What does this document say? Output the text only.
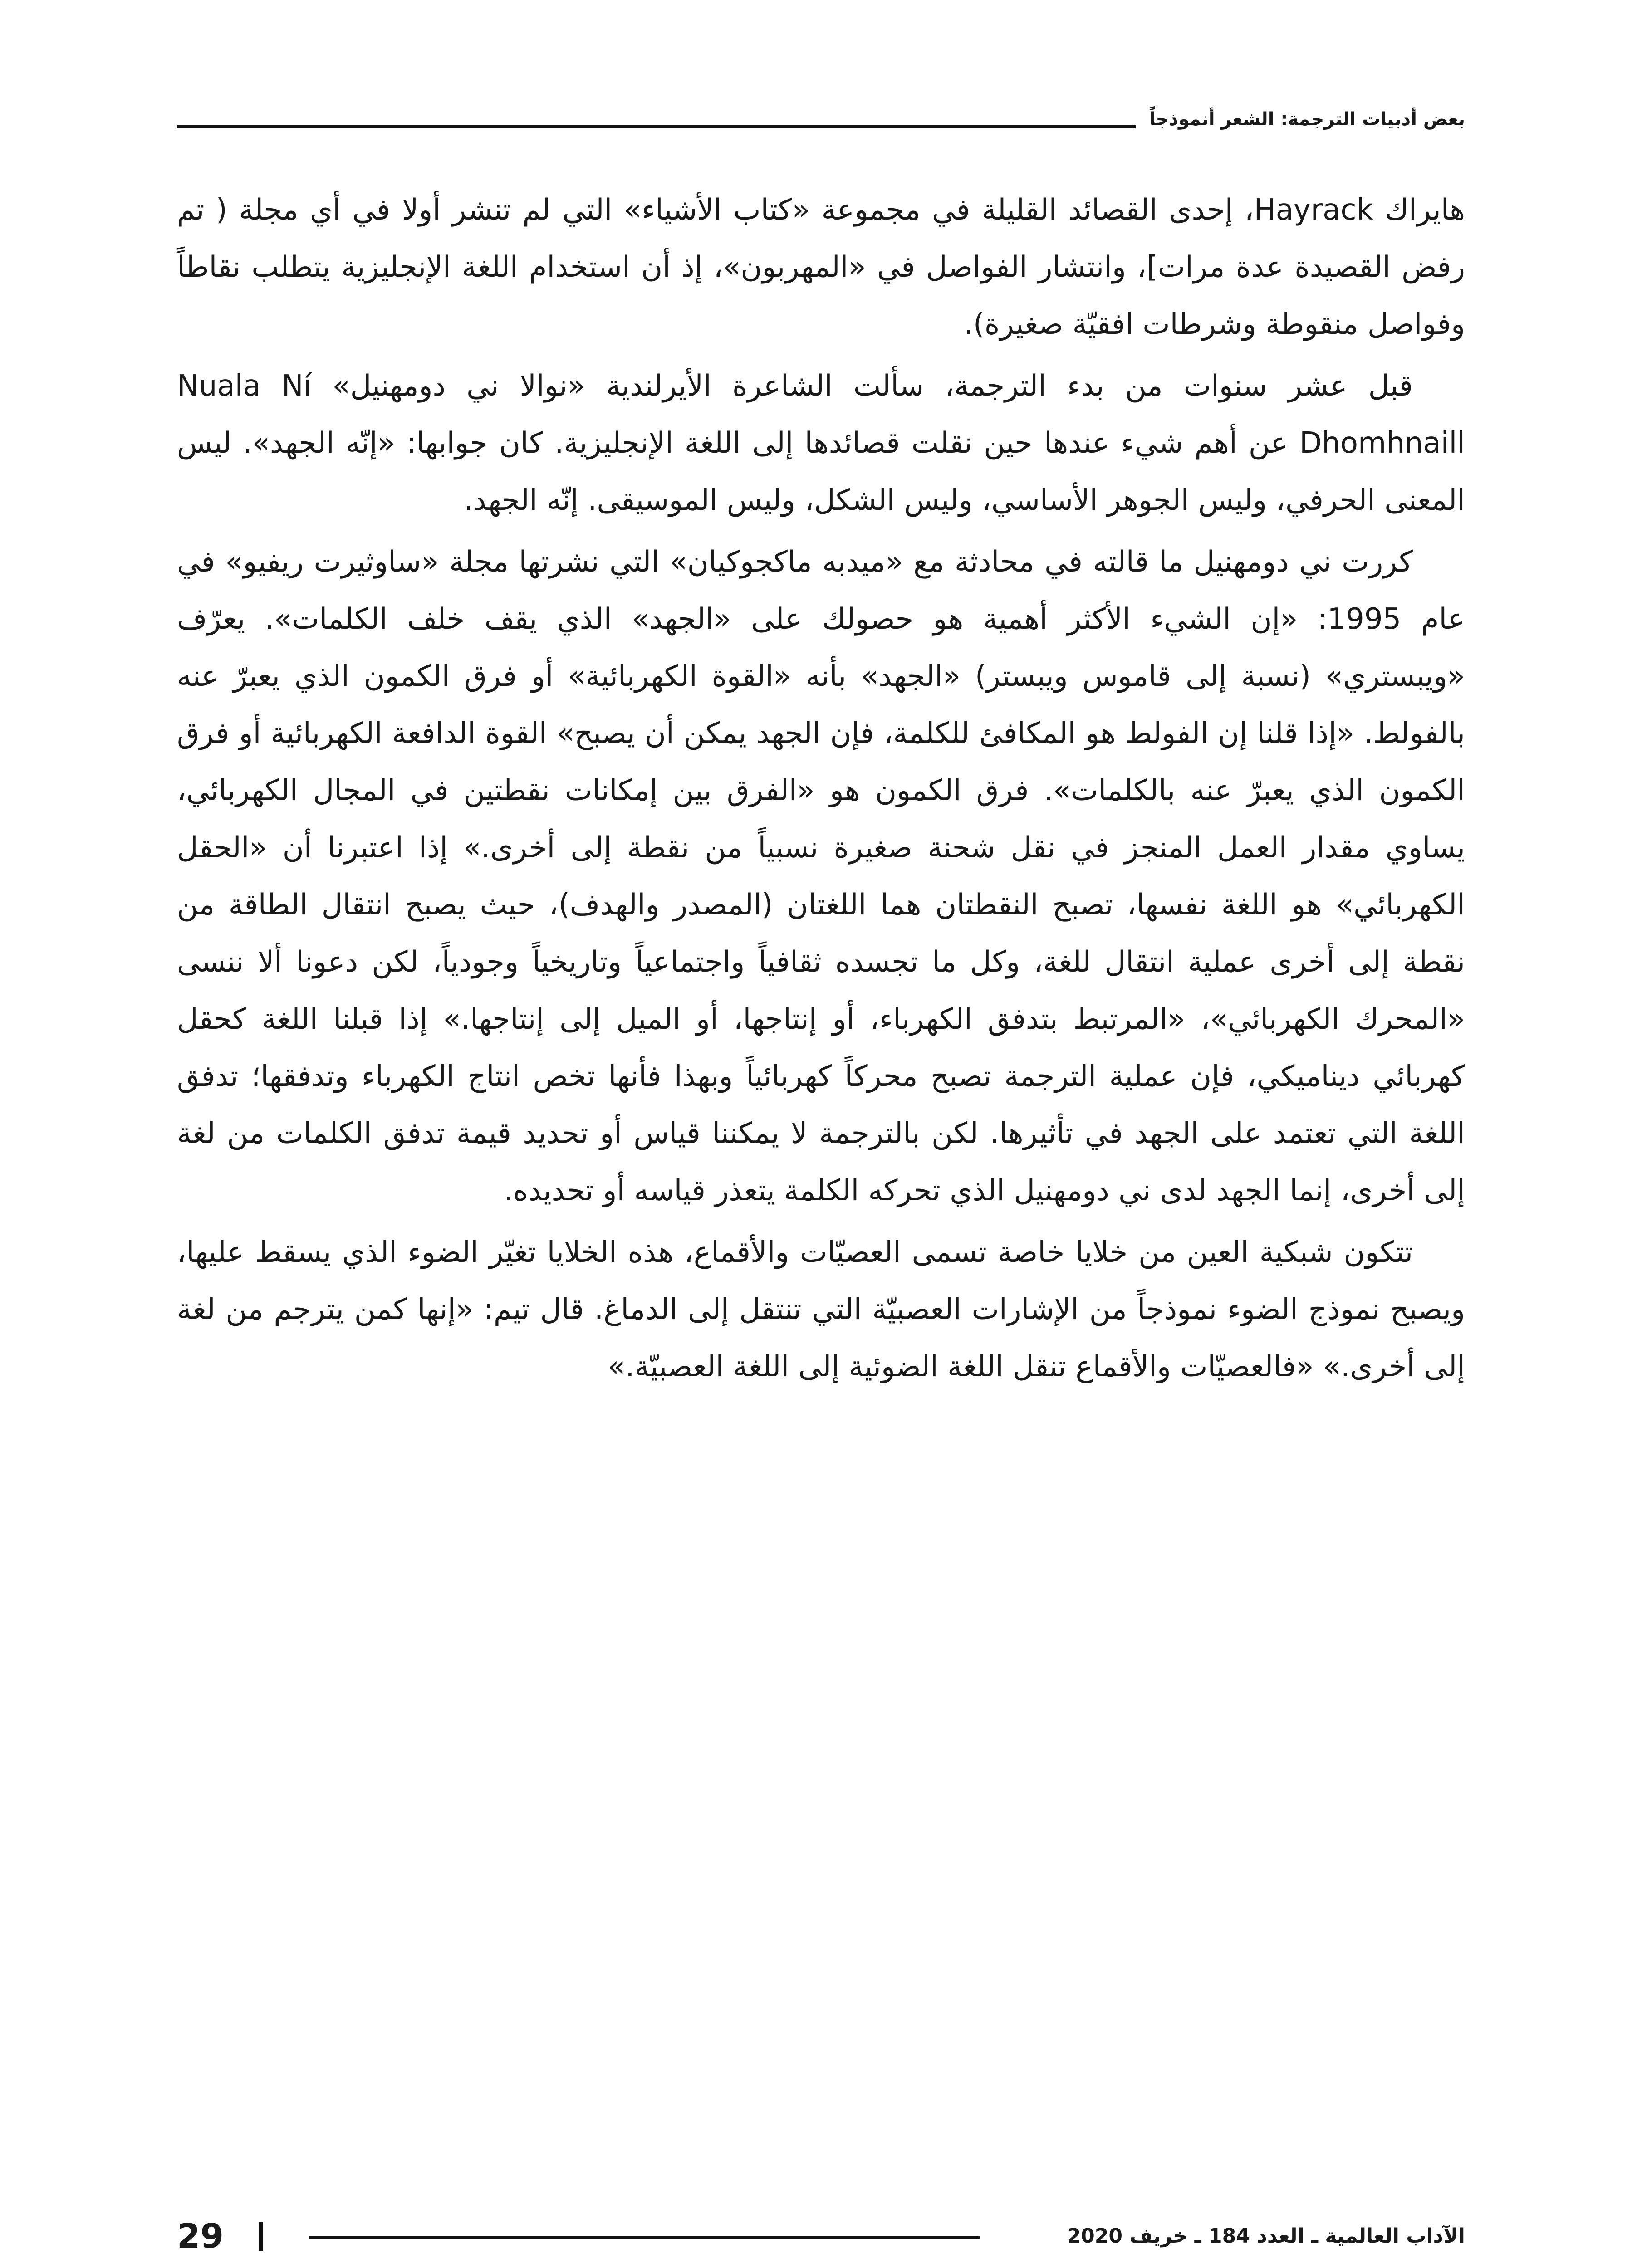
بعض أدبيات الترجمة: الشعر أنموذجاً

هايراك Hayrack، إحدى القصائد القليلة في مجموعة «كتاب الأشياء» التي لم تنشر أولا في أي مجلة ( تم رفض القصيدة عدة مرات]، وانتشار الفواصل في «المهربون»، إذ أن استخدام اللغة الإنجليزية يتطلب نقاطاً وفواصل منقوطة وشرطات افقيّة صغيرة).

قبل عشر سنوات من بدء الترجمة، سألت الشاعرة الأيرلندية «نوالا ني دومهنيل» Nuala Ní Dhomhnaill عن أهم شيء عندها حين نقلت قصائدها إلى اللغة الإنجليزية. كان جوابها: «إنّه الجهد». ليس المعنى الحرفي، وليس الجوهر الأساسي، وليس الشكل، وليس الموسيقى. إنّه الجهد.

كررت ني دومهنيل ما قالته في محادثة مع «ميدبه ماكجوكيان» التي نشرتها مجلة «ساوثيرت ريفيو» في عام 1995: «إن الشيء الأكثر أهمية هو حصولك على «الجهد» الذي يقف خلف الكلمات». يعرّف «ويبستري» (نسبة إلى قاموس ويبستر) «الجهد» بأنه «القوة الكهربائية» أو فرق الكمون الذي يعبرّ عنه بالفولط. «إذا قلنا إن الفولط هو المكافئ للكلمة، فإن الجهد يمكن أن يصبح» القوة الدافعة الكهربائية أو فرق الكمون الذي يعبرّ عنه بالكلمات». فرق الكمون هو «الفرق بين إمكانات نقطتين في المجال الكهربائي، يساوي مقدار العمل المنجز في نقل شحنة صغيرة نسبياً من نقطة إلى أخرى.» إذا اعتبرنا أن «الحقل الكهربائي» هو اللغة نفسها، تصبح النقطتان هما اللغتان (المصدر والهدف)، حيث يصبح انتقال الطاقة من نقطة إلى أخرى عملية انتقال للغة، وكل ما تجسده ثقافياً واجتماعياً وتاريخياً وجودياً، لكن دعونا ألا ننسى «المحرك الكهربائي»، «المرتبط بتدفق الكهرباء، أو إنتاجها، أو الميل إلى إنتاجها.» إذا قبلنا اللغة كحقل كهربائي ديناميكي، فإن عملية الترجمة تصبح محركاً كهربائياً وبهذا فأنها تخص انتاج الكهرباء وتدفقها؛ تدفق اللغة التي تعتمد على الجهد في تأثيرها. لكن بالترجمة لا يمكننا قياس أو تحديد قيمة تدفق الكلمات من لغة إلى أخرى، إنما الجهد لدى ني دومهنيل الذي تحركه الكلمة يتعذر قياسه أو تحديده.

تتكون شبكية العين من خلايا خاصة تسمى العصيّات والأقماع، هذه الخلايا تغيّر الضوء الذي يسقط عليها، ويصبح نموذج الضوء نموذجاً من الإشارات العصبيّة التي تنتقل إلى الدماغ. قال تيم: «إنها كمن يترجم من لغة إلى أخرى.» «فالعصيّات والأقماع تنقل اللغة الضوئية إلى اللغة العصبيّة.»

29	الآداب العالمية ـ العدد 184 ـ خريف 2020
